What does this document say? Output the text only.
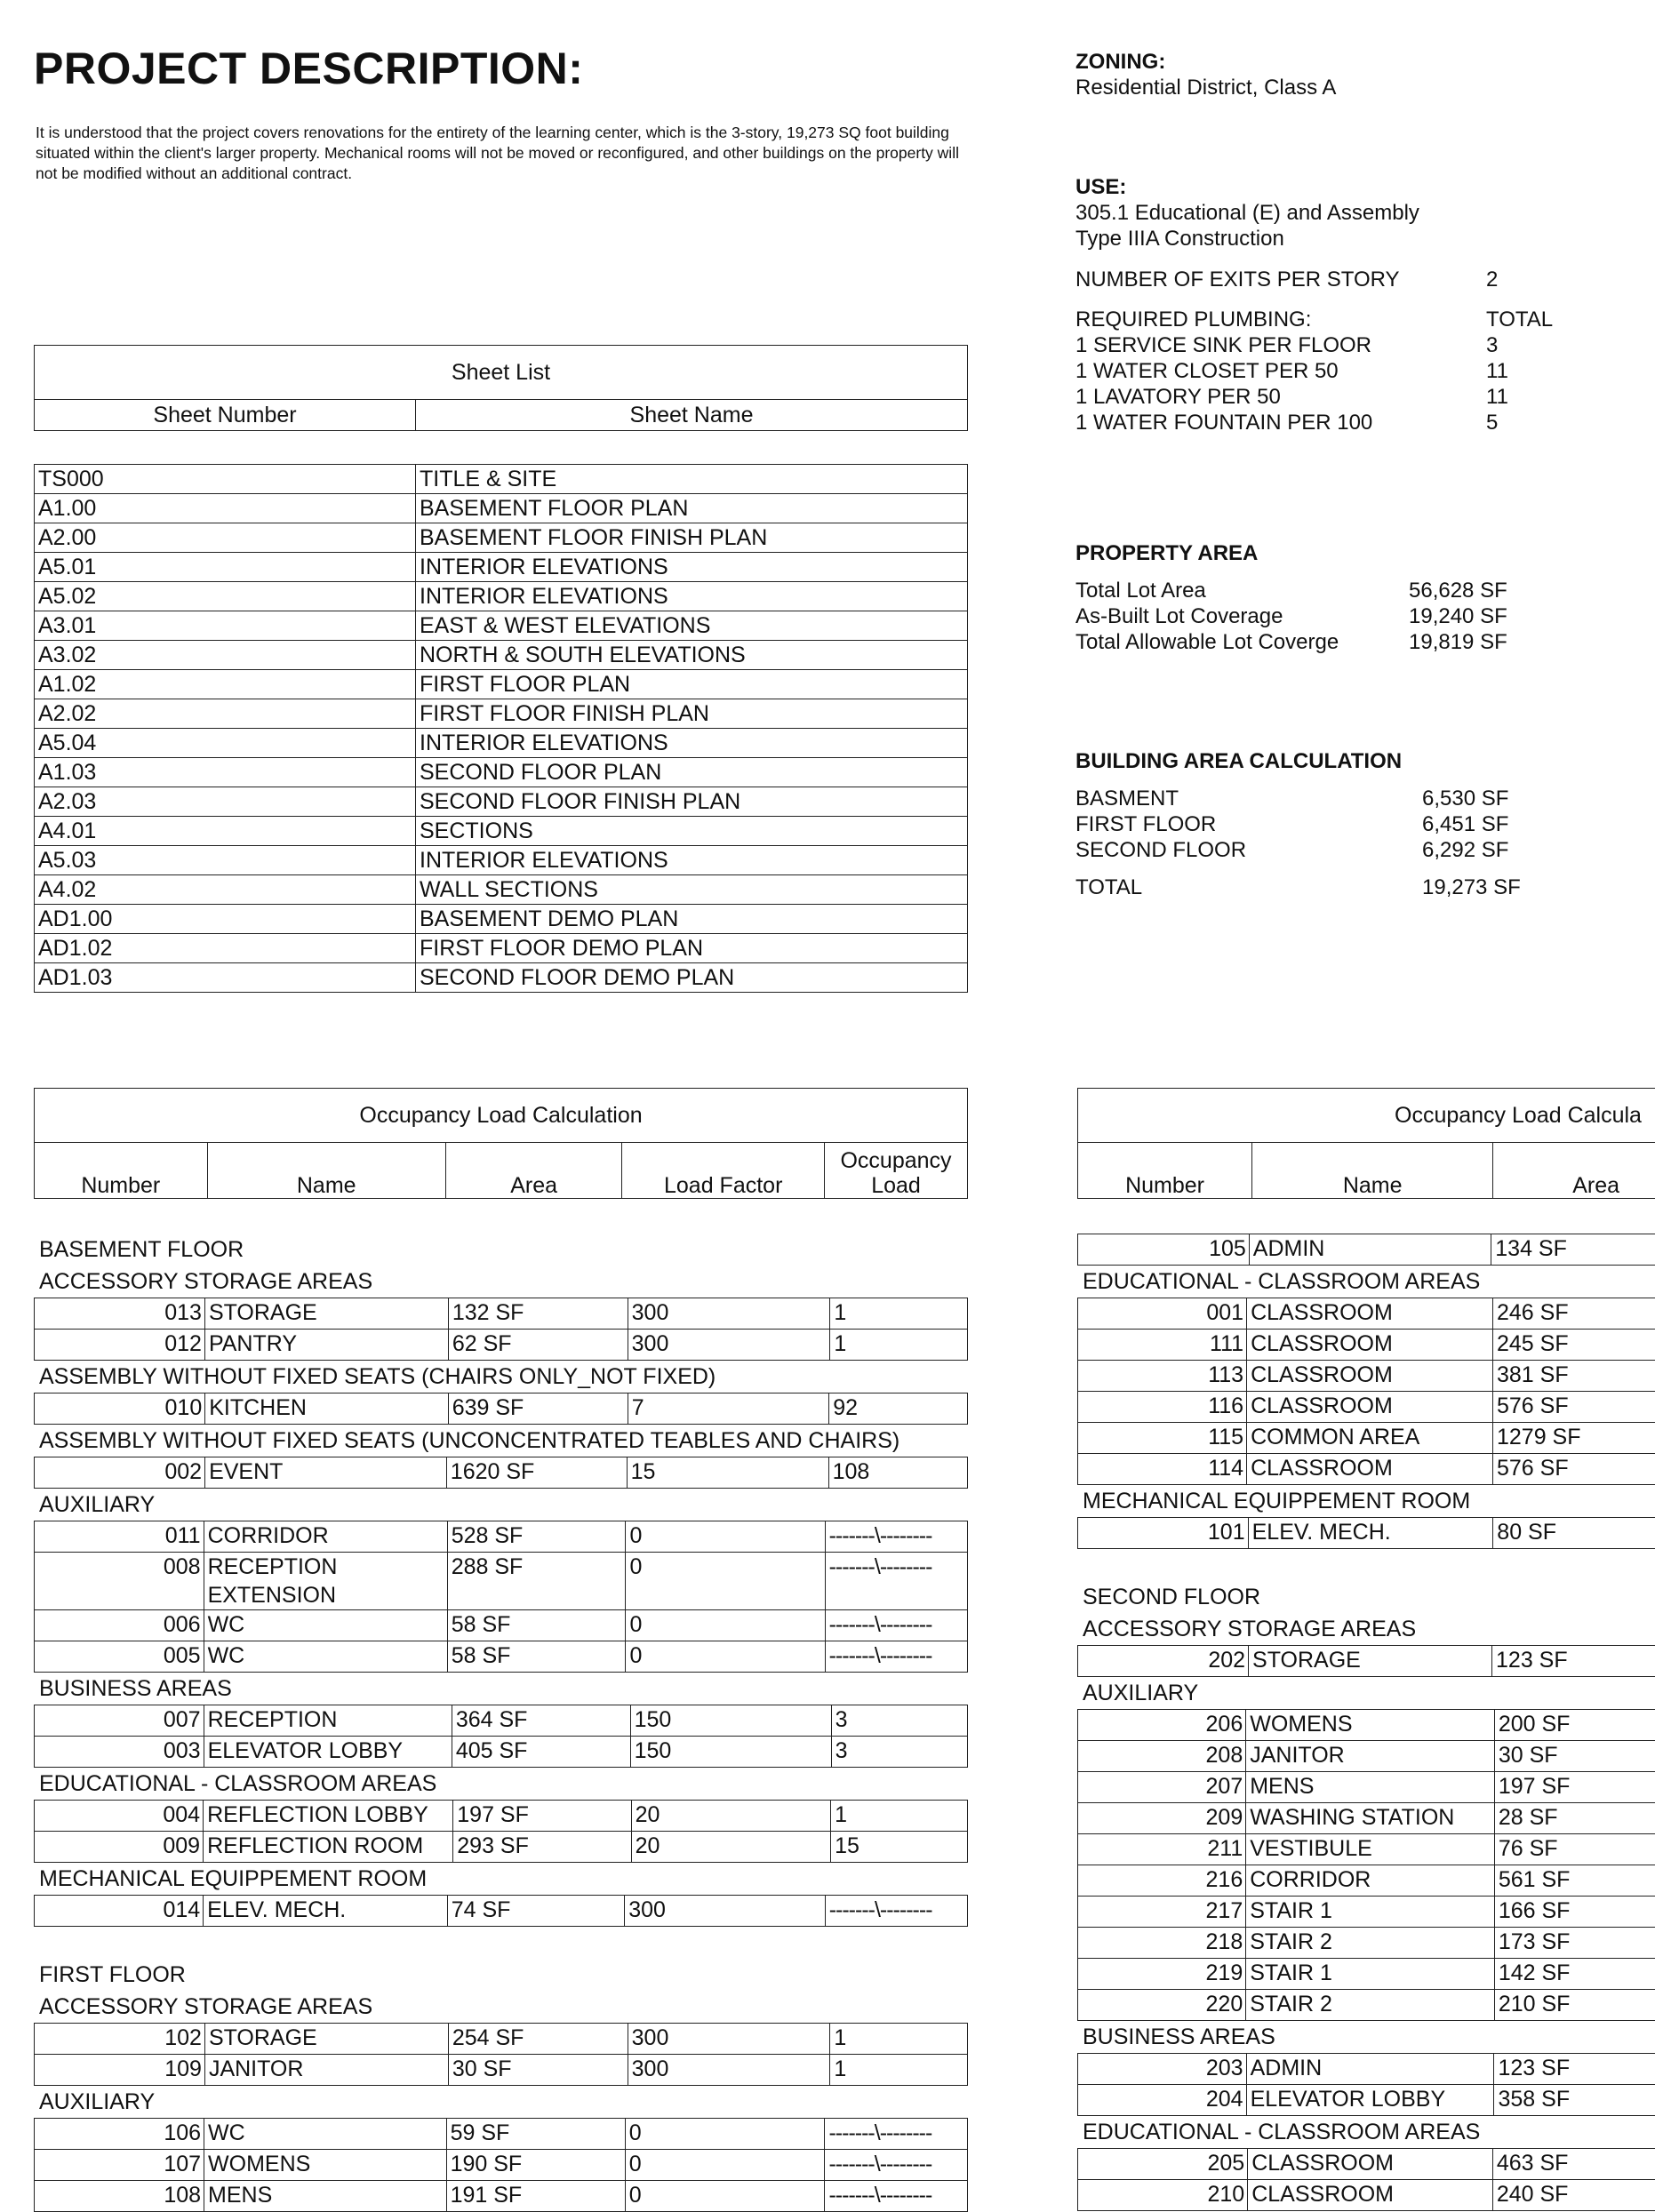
PROJECT DESCRIPTION:
It is understood that the project covers renovations for the entirety of the learning center, which is the 3-story, 19,273 SQ foot building situated within the client's larger property. Mechanical rooms will not be moved or reconfigured, and other buildings on the property will not be modified without an additional contract.
ZONING:
Residential District, Class A
USE:
305.1 Educational (E) and Assembly
Type IIIA Construction
NUMBER OF EXITS PER STORY	2
REQUIRED PLUMBING:	TOTAL
1 SERVICE SINK PER FLOOR	3
1 WATER CLOSET PER 50	11
1 LAVATORY PER 50	11
1 WATER FOUNTAIN PER 100	5
PROPERTY AREA
Total Lot Area	56,628 SF
As-Built Lot Coverage	19,240 SF
Total Allowable Lot Coverge	19,819 SF
BUILDING AREA CALCULATION
BASMENT	6,530 SF
FIRST FLOOR	6,451 SF
SECOND FLOOR	6,292 SF
TOTAL	19,273 SF
Sheet List
Sheet Number	Sheet Name
TS000	TITLE & SITE
A1.00	BASEMENT FLOOR PLAN
A2.00	BASEMENT FLOOR FINISH PLAN
A5.01	INTERIOR ELEVATIONS
A5.02	INTERIOR ELEVATIONS
A3.01	EAST & WEST ELEVATIONS
A3.02	NORTH & SOUTH ELEVATIONS
A1.02	FIRST FLOOR PLAN
A2.02	FIRST FLOOR FINISH PLAN
A5.04	INTERIOR ELEVATIONS
A1.03	SECOND FLOOR PLAN
A2.03	SECOND FLOOR FINISH PLAN
A4.01	SECTIONS
A5.03	INTERIOR ELEVATIONS
A4.02	WALL SECTIONS
AD1.00	BASEMENT DEMO PLAN
AD1.02	FIRST FLOOR DEMO PLAN
AD1.03	SECOND FLOOR DEMO PLAN
Occupancy Load Calculation
Number	Name	Area	Load Factor	Occupancy Load
BASEMENT FLOOR
ACCESSORY STORAGE AREAS
013	STORAGE	132 SF	300	1
012	PANTRY	62 SF	300	1
ASSEMBLY WITHOUT FIXED SEATS (CHAIRS ONLY_NOT FIXED)
010	KITCHEN	639 SF	7	92
ASSEMBLY WITHOUT FIXED SEATS (UNCONCENTRATED TEABLES AND CHAIRS)
002	EVENT	1620 SF	15	108
AUXILIARY
011	CORRIDOR	528 SF	0	-------\--------
008	RECEPTION
EXTENSION	288 SF	0	-------\--------
006	WC	58 SF	0	-------\--------
005	WC	58 SF	0	-------\--------
BUSINESS AREAS
007	RECEPTION	364 SF	150	3
003	ELEVATOR LOBBY	405 SF	150	3
EDUCATIONAL - CLASSROOM AREAS
004	REFLECTION LOBBY	197 SF	20	1
009	REFLECTION ROOM	293 SF	20	15
MECHANICAL EQUIPPEMENT ROOM
014	ELEV. MECH.	74 SF	300	-------\--------
FIRST FLOOR
ACCESSORY STORAGE AREAS
102	STORAGE	254 SF	300	1
109	JANITOR	30 SF	300	1
AUXILIARY
106	WC	59 SF	0	-------\--------
107	WOMENS	190 SF	0	-------\--------
108	MENS	191 SF	0	-------\--------
Occupancy Load Calcula
Number	Name	Area
105	ADMIN	134 SF
EDUCATIONAL - CLASSROOM AREAS
001	CLASSROOM	246 SF
111	CLASSROOM	245 SF
113	CLASSROOM	381 SF
116	CLASSROOM	576 SF
115	COMMON AREA	1279 SF
114	CLASSROOM	576 SF
MECHANICAL EQUIPPEMENT ROOM
101	ELEV. MECH.	80 SF
SECOND FLOOR
ACCESSORY STORAGE AREAS
202	STORAGE	123 SF
AUXILIARY
206	WOMENS	200 SF
208	JANITOR	30 SF
207	MENS	197 SF
209	WASHING STATION	28 SF
211	VESTIBULE	76 SF
216	CORRIDOR	561 SF
217	STAIR 1	166 SF
218	STAIR 2	173 SF
219	STAIR 1	142 SF
220	STAIR 2	210 SF
BUSINESS AREAS
203	ADMIN	123 SF
204	ELEVATOR LOBBY	358 SF
EDUCATIONAL - CLASSROOM AREAS
205	CLASSROOM	463 SF
210	CLASSROOM	240 SF
